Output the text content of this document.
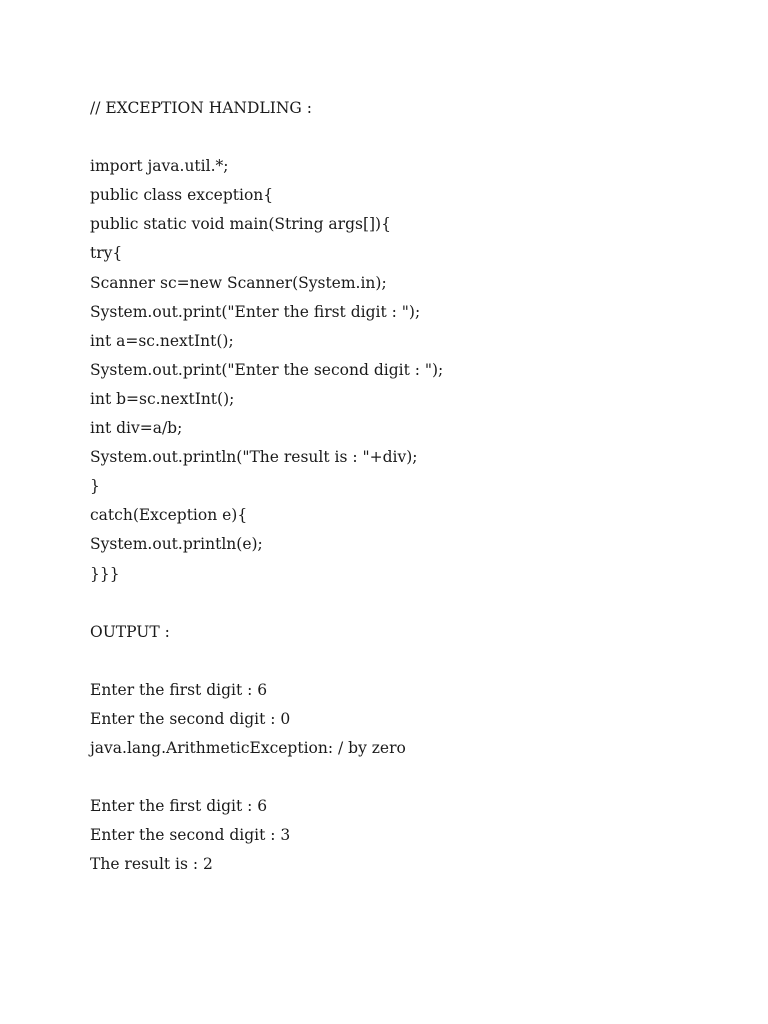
// EXCEPTION HANDLING :
import java.util.*;
public class exception{
public static void main(String args[]){
try{
Scanner sc=new Scanner(System.in);
System.out.print("Enter the first digit : ");
int a=sc.nextInt();
System.out.print("Enter the second digit : ");
int b=sc.nextInt();
int div=a/b;
System.out.println("The result is : "+div);
}
catch(Exception e){
System.out.println(e);
}}}
OUTPUT :
Enter the first digit : 6
Enter the second digit : 0
java.lang.ArithmeticException: / by zero
Enter the first digit : 6
Enter the second digit : 3
The result is : 2
